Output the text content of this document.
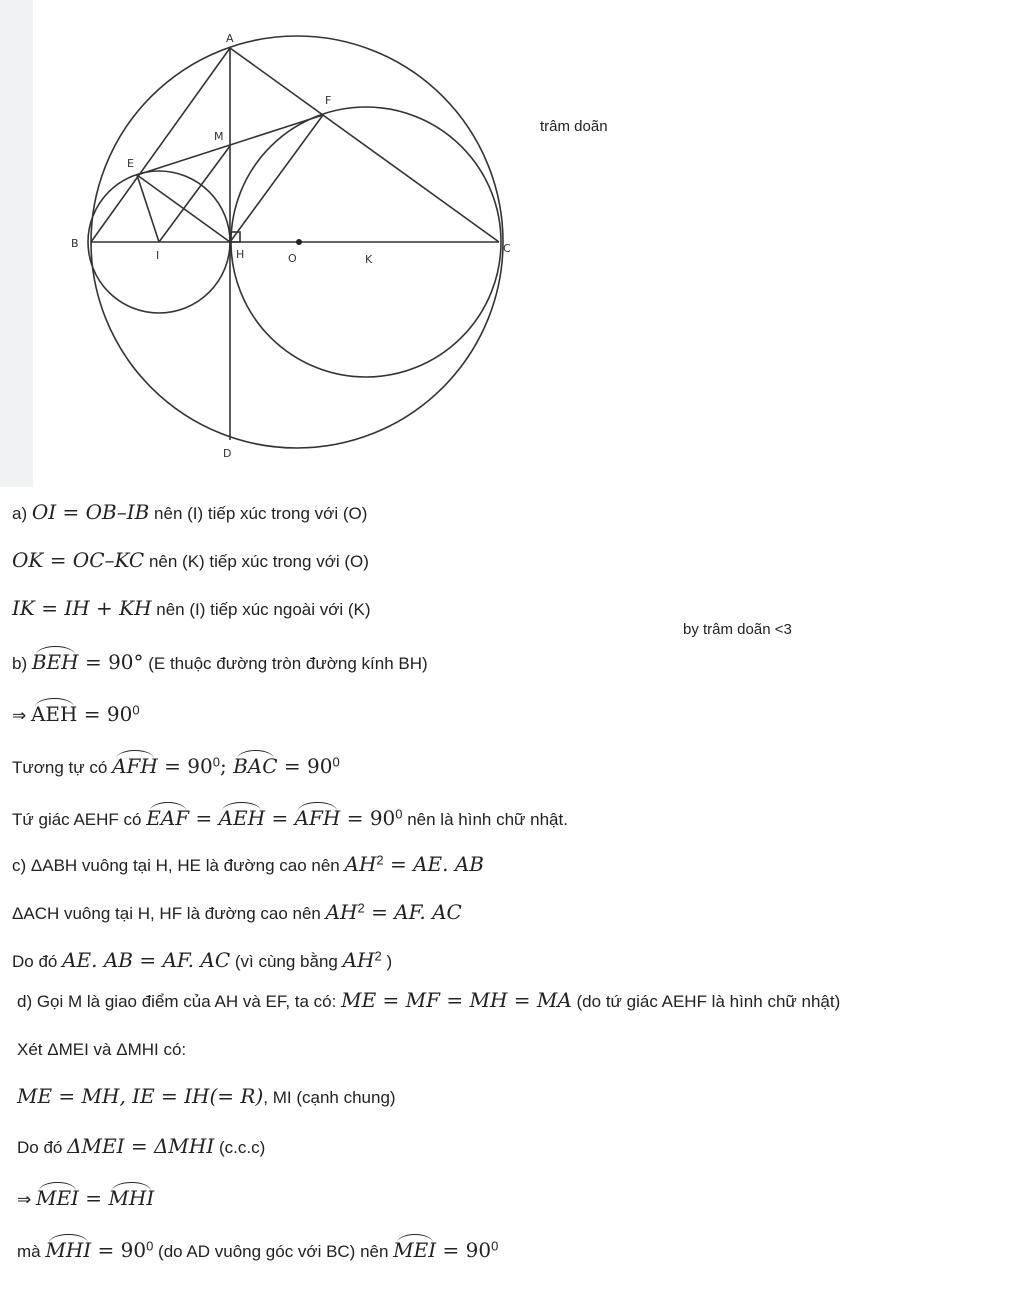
A
B	C
D
E
F
M
I	H	O	K
trâm doãn
by trâm doãn <3
a) OI = OB–IB nên (I) tiếp xúc trong với (O)
OK = OC–KC nên (K) tiếp xúc trong với (O)
IK = IH + KH nên (I) tiếp xúc ngoài với (K)
b) BEH = 90° (E thuộc đường tròn đường kính BH)
⇒ AEH = $90^0$
Tương tự có AFH = $90^0$; BAC = $90^0$
Tứ giác AEHF có EAF = AEH = AFH = $90^0$ nên là hình chữ nhật.
c) ΔABH vuông tại H, HE là đường cao nên $AH^2$ = AE. AB
ΔACH vuông tại H, HF là đường cao nên $AH^2$ = AF. AC
Do đó AE. AB = AF. AC (vì cùng bằng $AH^2$ )
d) Gọi M là giao điểm của AH và EF, ta có: ME = MF = MH = MA (do tứ giác AEHF là hình chữ nhật)
Xét ΔMEI và ΔMHI có:
ME = MH, IE = IH(= R), MI (cạnh chung)
Do đó ΔMEI = ΔMHI (c.c.c)
⇒ MEI = MHI
mà MHI = $90^0$ (do AD vuông góc với BC) nên MEI = $90^0$
